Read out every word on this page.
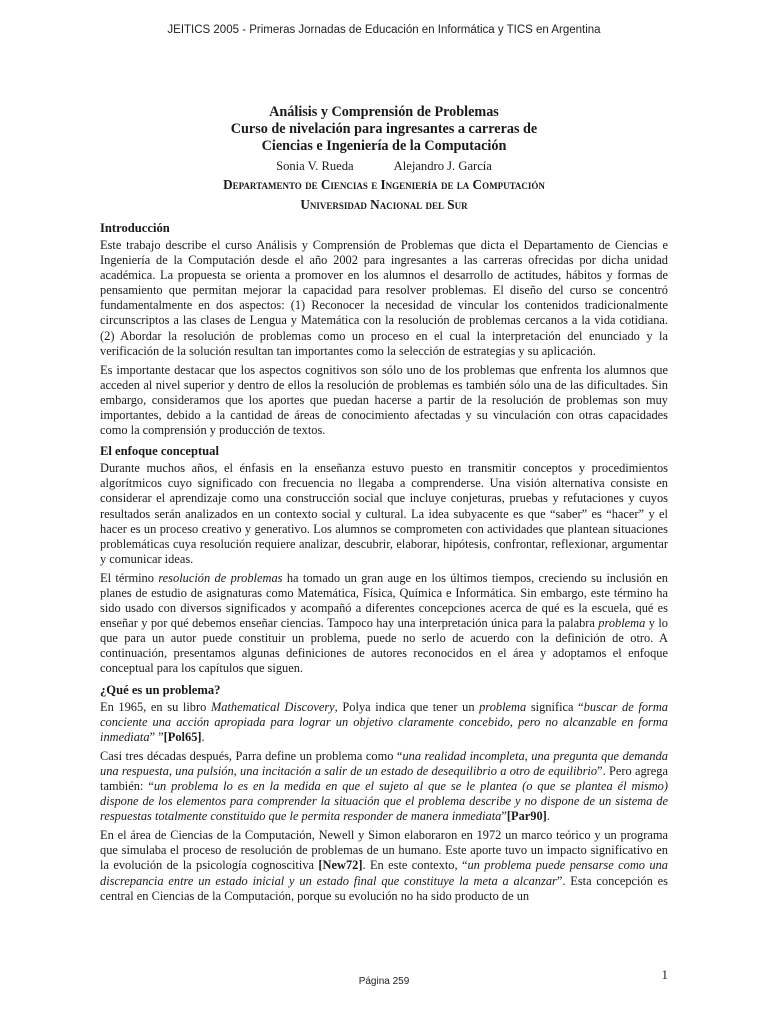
JEITICS 2005 - Primeras Jornadas de Educación en Informática y TICS en Argentina
Análisis y Comprensión de Problemas
Curso de nivelación para ingresantes a carreras de
Ciencias e Ingeniería de la Computación
Sonia V. Rueda	Alejandro J. García
Departamento de Ciencias e Ingeniería de la Computación
Universidad Nacional del Sur
Introducción

Este trabajo describe el curso Análisis y Comprensión de Problemas que dicta el Departamento de Ciencias e Ingeniería de la Computación desde el año 2002 para ingresantes a las carreras ofrecidas por dicha unidad académica. La propuesta se orienta a promover en los alumnos el desarrollo de actitudes, hábitos y formas de pensamiento que permitan mejorar la capacidad para resolver problemas. El diseño del curso se concentró fundamentalmente en dos aspectos: (1) Reconocer la necesidad de vincular los contenidos tradicionalmente circunscriptos a las clases de Lengua y Matemática con la resolución de problemas cercanos a la vida cotidiana. (2) Abordar la resolución de problemas como un proceso en el cual la interpretación del enunciado y la verificación de la solución resultan tan importantes como la selección de estrategias y su aplicación.

Es importante destacar que los aspectos cognitivos son sólo uno de los problemas que enfrenta los alumnos que acceden al nivel superior y dentro de ellos la resolución de problemas es también sólo una de las dificultades. Sin embargo, consideramos que los aportes que puedan hacerse a partir de la resolución de problemas son muy importantes, debido a la cantidad de áreas de conocimiento afectadas y su vinculación con otras capacidades como la comprensión y producción de textos.

El enfoque conceptual

Durante muchos años, el énfasis en la enseñanza estuvo puesto en transmitir conceptos y procedimientos algorítmicos cuyo significado con frecuencia no llegaba a comprenderse. Una visión alternativa consiste en considerar el aprendizaje como una construcción social que incluye conjeturas, pruebas y refutaciones y cuyos resultados serán analizados en un contexto social y cultural. La idea subyacente es que “saber” es “hacer” y el hacer es un proceso creativo y generativo. Los alumnos se comprometen con actividades que plantean situaciones problemáticas cuya resolución requiere analizar, descubrir, elaborar, hipótesis, confrontar, reflexionar, argumentar y comunicar ideas.

El término resolución de problemas ha tomado un gran auge en los últimos tiempos, creciendo su inclusión en planes de estudio de asignaturas como Matemática, Física, Química e Informática. Sin embargo, este término ha sido usado con diversos significados y acompañó a diferentes concepciones acerca de qué es la escuela, qué es enseñar y por qué debemos enseñar ciencias. Tampoco hay una interpretación única para la palabra problema y lo que para un autor puede constituir un problema, puede no serlo de acuerdo con la definición de otro. A continuación, presentamos algunas definiciones de autores reconocidos en el área y adoptamos el enfoque conceptual para los capítulos que siguen.

¿Qué es un problema?

En 1965, en su libro Mathematical Discovery, Polya indica que tener un problema significa “buscar de forma conciente una acción apropiada para lograr un objetivo claramente concebido, pero no alcanzable en forma inmediata” ”[Pol65].

Casi tres décadas después, Parra define un problema como “una realidad incompleta, una pregunta que demanda una respuesta, una pulsión, una incitación a salir de un estado de desequilibrio a otro de equilibrio”. Pero agrega también: “un problema lo es en la medida en que el sujeto al que se le plantea (o que se plantea él mismo) dispone de los elementos para comprender la situación que el problema describe y no dispone de un sistema de respuestas totalmente constituido que le permita responder de manera inmediata”[Par90].

En el área de Ciencias de la Computación, Newell y Simon elaboraron en 1972 un marco teórico y un programa que simulaba el proceso de resolución de problemas de un humano. Este aporte tuvo un impacto significativo en la evolución de la psicología cognoscitiva [New72]. En este contexto, “un problema puede pensarse como una discrepancia entre un estado inicial y un estado final que constituye la meta a alcanzar”. Esta concepción es central en Ciencias de la Computación, porque su evolución no ha sido producto de un

1
Página 259
